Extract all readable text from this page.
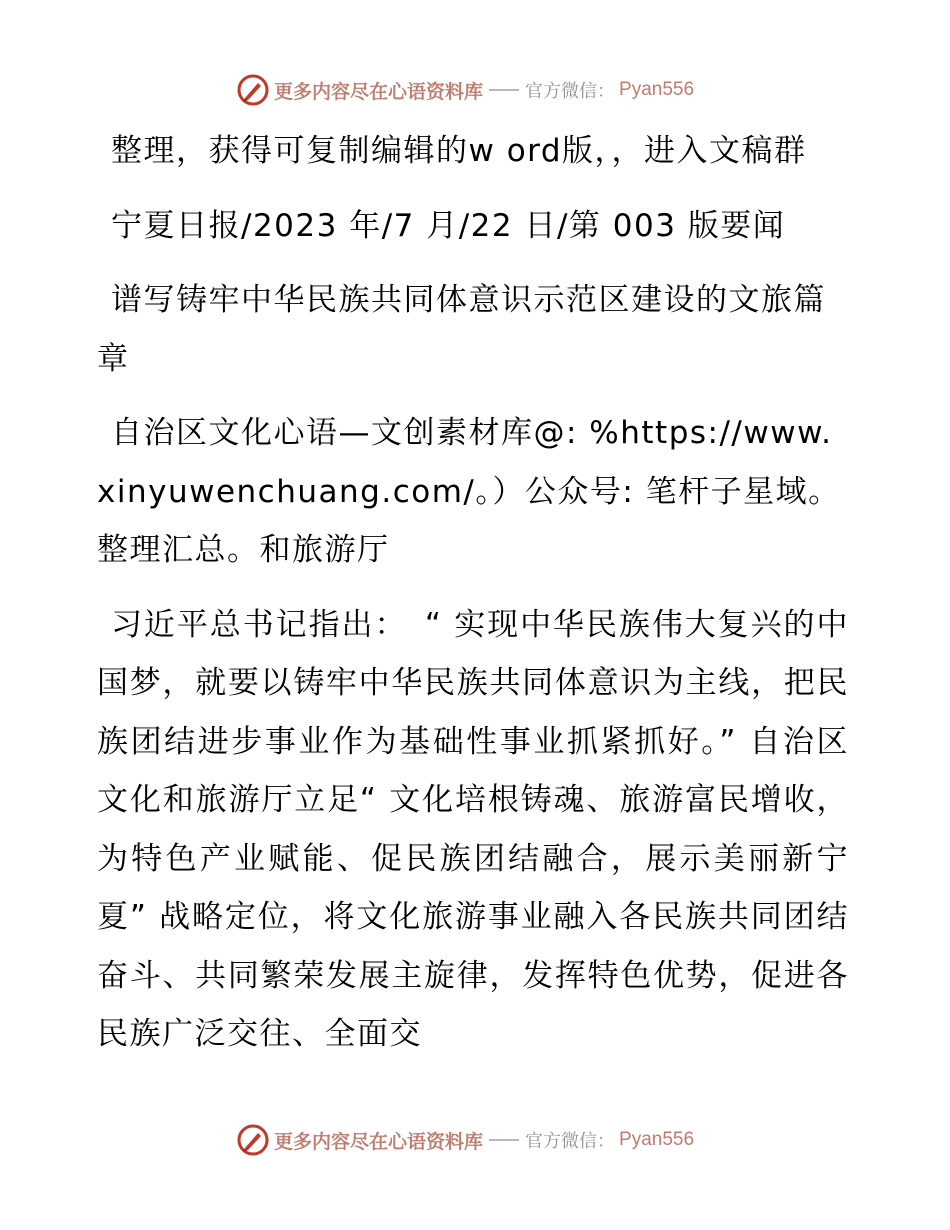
更多内容尽在心语资料库 官方微信： Pyan556

整理，获得可复制编辑的w ord版，，进入文稿群

宁夏日报/2023 年/7 月/22 日/第 003 版要闻

谱写铸牢中华民族共同体意识示范区建设的文旅篇章

自治区文化心语—文创素材库@: %https://www.xinyuwenchuang.com/。）公众号: 笔杆子星域。整理汇总。和旅游厅

习近平总书记指出：　“ 实现中华民族伟大复兴的中国梦，就要以铸牢中华民族共同体意识为主线，把民族团结进步事业作为基础性事业抓紧抓好。” 自治区文化和旅游厅立足“ 文化培根铸魂、旅游富民增收，为特色产业赋能、促民族团结融合，展示美丽新宁夏” 战略定位，将文化旅游事业融入各民族共同团结奋斗、共同繁荣发展主旋律，发挥特色优势，促进各民族广泛交往、全面交

更多内容尽在心语资料库 官方微信： Pyan556
